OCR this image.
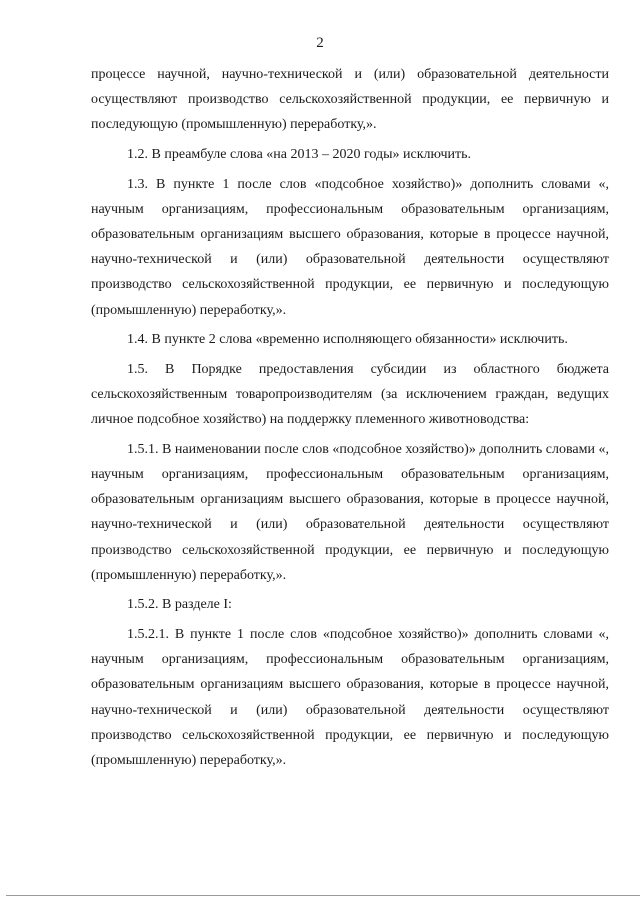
2

процессе научной, научно-технической и (или) образовательной деятельности осуществляют производство сельскохозяйственной продукции, ее первичную и последующую (промышленную) переработку,».

1.2. В преамбуле слова «на 2013 – 2020 годы» исключить.

1.3. В пункте 1 после слов «подсобное хозяйство)» дополнить словами «, научным организациям, профессиональным образовательным организациям, образовательным организациям высшего образования, которые в процессе научной, научно-технической и (или) образовательной деятельности осуществляют производство сельскохозяйственной продукции, ее первичную и последующую (промышленную) переработку,».

1.4. В пункте 2 слова «временно исполняющего обязанности» исключить.

1.5. В Порядке предоставления субсидии из областного бюджета сельскохозяйственным товаропроизводителям (за исключением граждан, ведущих личное подсобное хозяйство) на поддержку племенного животноводства:

1.5.1. В наименовании после слов «подсобное хозяйство)» дополнить словами «, научным организациям, профессиональным образовательным организациям, образовательным организациям высшего образования, которые в процессе научной, научно-технической и (или) образовательной деятельности осуществляют производство сельскохозяйственной продукции, ее первичную и последующую (промышленную) переработку,».

1.5.2. В разделе I:

1.5.2.1. В пункте 1 после слов «подсобное хозяйство)» дополнить словами «, научным организациям, профессиональным образовательным организациям, образовательным организациям высшего образования, которые в процессе научной, научно-технической и (или) образовательной деятельности осуществляют производство сельскохозяйственной продукции, ее первичную и последующую (промышленную) переработку,».
